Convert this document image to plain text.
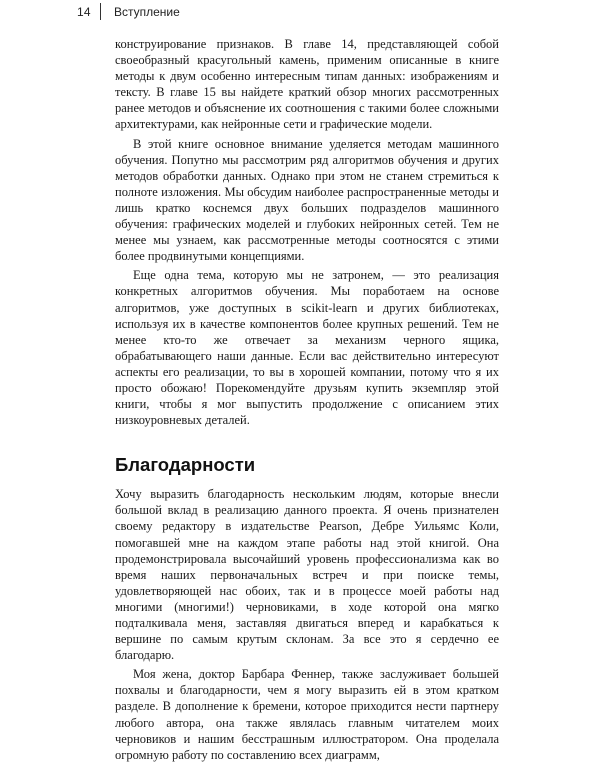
14 Вступление

конструирование признаков. В главе 14, представляющей собой своеобразный красугольный камень, применим описанные в книге методы к двум особенно интересным типам данных: изображениям и тексту. В главе 15 вы найдете краткий обзор многих рассмотренных ранее методов и объяснение их соотношения с такими более сложными архитектурами, как нейронные сети и графические модели.

В этой книге основное внимание уделяется методам машинного обучения. Попутно мы рассмотрим ряд алгоритмов обучения и других методов обработки данных. Однако при этом не станем стремиться к полноте изложения. Мы обсудим наиболее распространенные методы и лишь кратко коснемся двух больших подразделов машинного обучения: графических моделей и глубоких нейронных сетей. Тем не менее мы узнаем, как рассмотренные методы соотносятся с этими более продвинутыми концепциями.

Еще одна тема, которую мы не затронем, — это реализация конкретных алгоритмов обучения. Мы поработаем на основе алгоритмов, уже доступных в scikit-learn и других библиотеках, используя их в качестве компонентов более крупных решений. Тем не менее кто-то же отвечает за механизм черного ящика, обрабатывающего наши данные. Если вас действительно интересуют аспекты его реализации, то вы в хорошей компании, потому что я их просто обожаю! Порекомендуйте друзьям купить экземпляр этой книги, чтобы я мог выпустить продолжение с описанием этих низкоуровневых деталей.

Благодарности

Хочу выразить благодарность нескольким людям, которые внесли большой вклад в реализацию данного проекта. Я очень признателен своему редактору в издательстве Pearson, Дебре Уильямс Коли, помогавшей мне на каждом этапе работы над этой книгой. Она продемонстрировала высочайший уровень профессионализма как во время наших первоначальных встреч и при поиске темы, удовлетворяющей нас обоих, так и в процессе моей работы над многими (многими!) черновиками, в ходе которой она мягко подталкивала меня, заставляя двигаться вперед и карабкаться к вершине по самым крутым склонам. За все это я сердечно ее благодарю.

Моя жена, доктор Барбара Феннер, также заслуживает большей похвалы и благодарности, чем я могу выразить ей в этом кратком разделе. В дополнение к бремени, которое приходится нести партнеру любого автора, она также являлась главным читателем моих черновиков и нашим бесстрашным иллюстратором. Она проделала огромную работу по составлению всех диаграмм,
